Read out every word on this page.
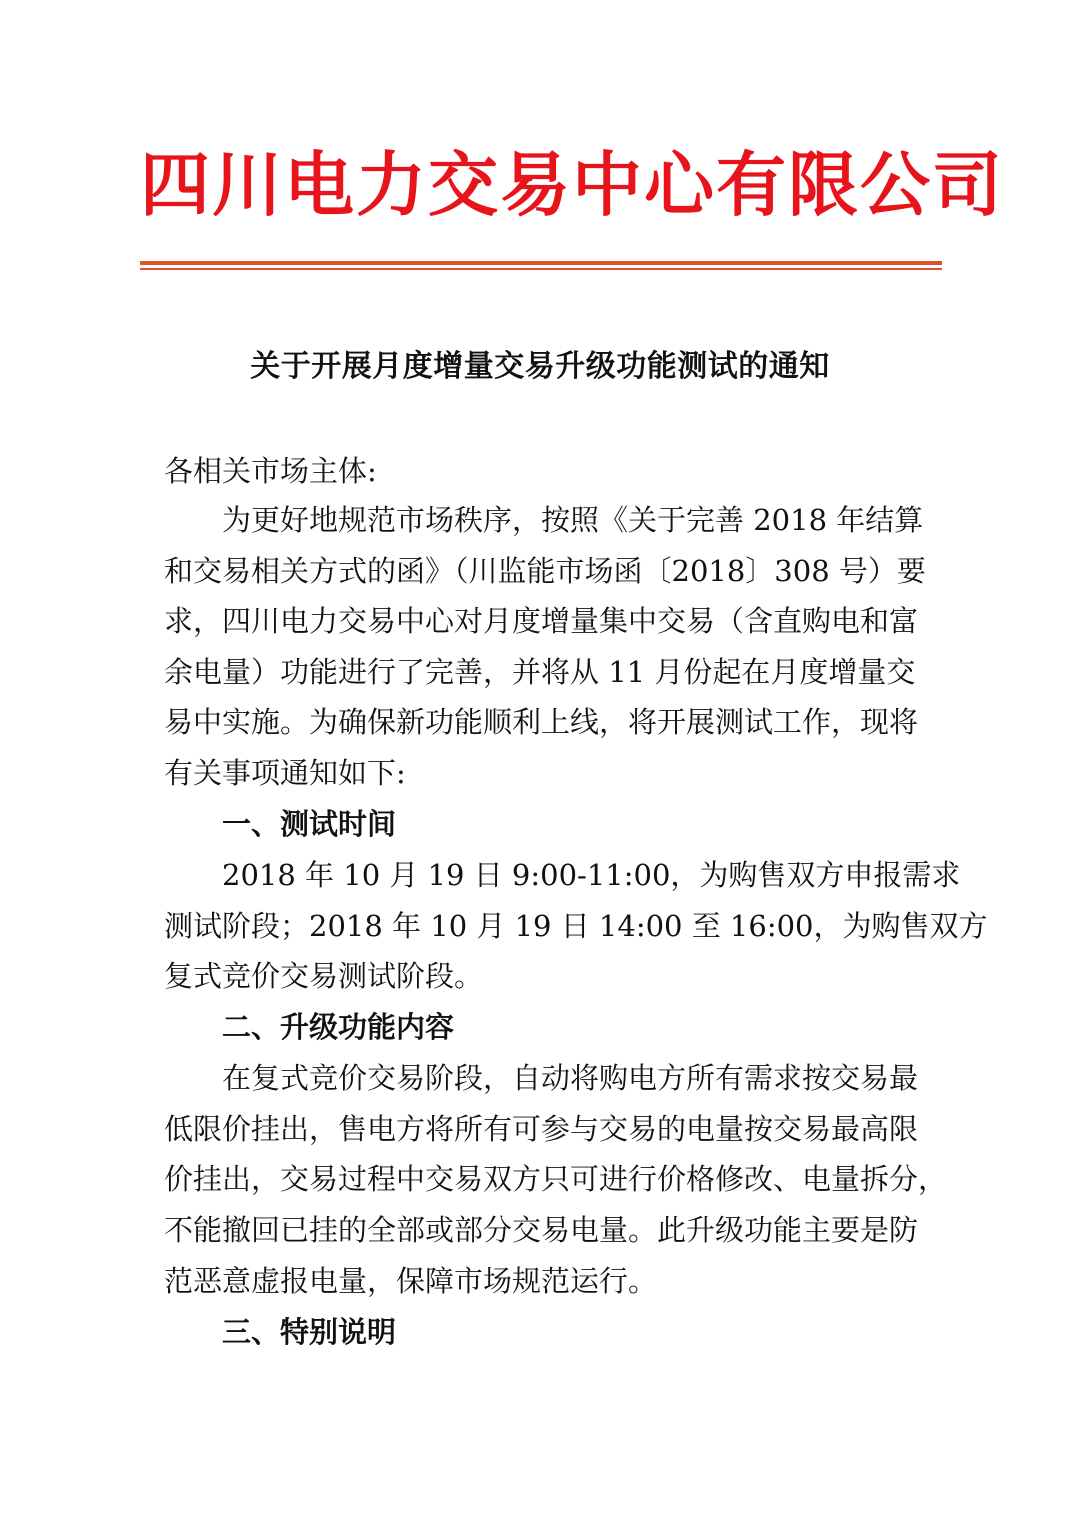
四川电力交易中心有限公司
关于开展月度增量交易升级功能测试的通知
各相关市场主体:
为更好地规范市场秩序，按照《关于完善 2018 年结算
和交易相关方式的函》（川监能市场函〔2018〕308 号）要
求，四川电力交易中心对月度增量集中交易（含直购电和富
余电量）功能进行了完善，并将从 11 月份起在月度增量交
易中实施。为确保新功能顺利上线，将开展测试工作，现将
有关事项通知如下:
一、测试时间
2018 年 10 月 19 日 9:00-11:00，为购售双方申报需求
测试阶段；2018 年 10 月 19 日 14:00 至 16:00，为购售双方
复式竞价交易测试阶段。
二、升级功能内容
在复式竞价交易阶段，自动将购电方所有需求按交易最
低限价挂出，售电方将所有可参与交易的电量按交易最高限
价挂出，交易过程中交易双方只可进行价格修改、电量拆分，
不能撤回已挂的全部或部分交易电量。此升级功能主要是防
范恶意虚报电量，保障市场规范运行。
三、特别说明
